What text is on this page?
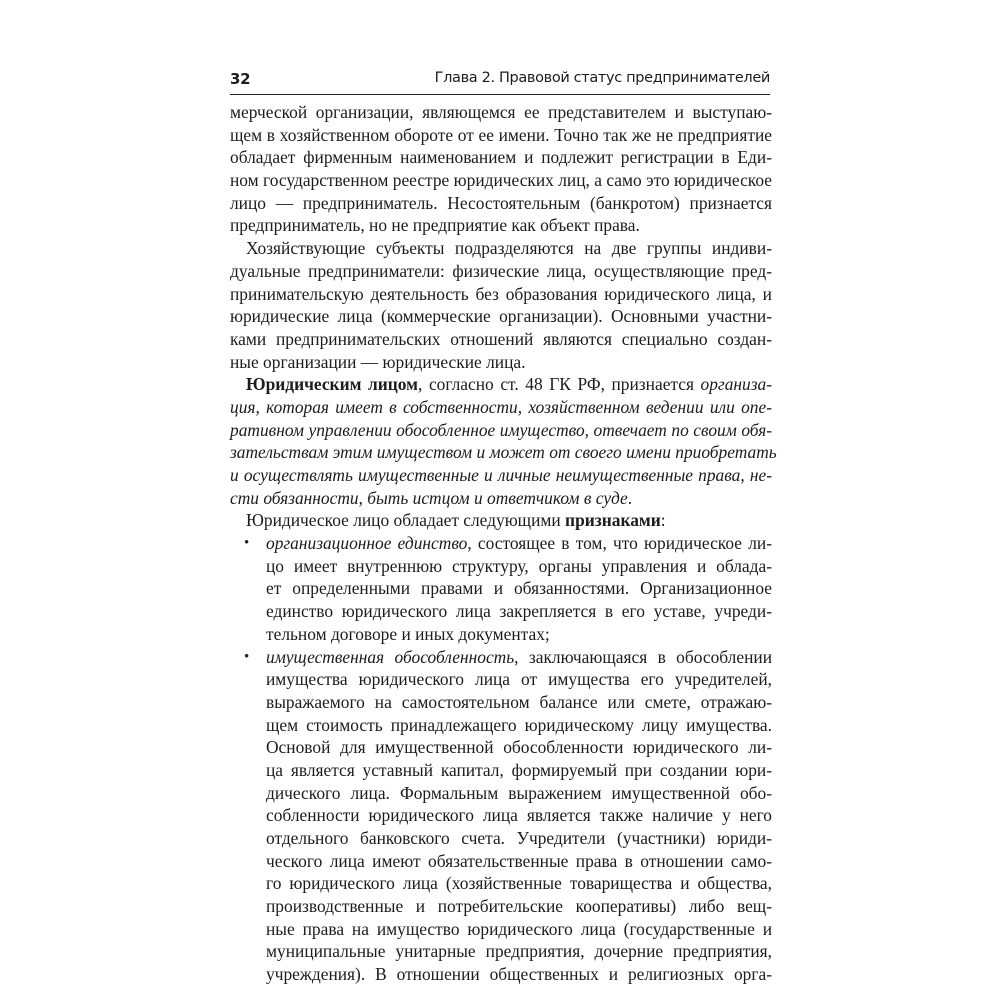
32	Глава 2. Правовой статус предпринимателей
мерческой организации, являющемся ее представителем и выступаю-
щем в хозяйственном обороте от ее имени. Точно так же не предприятие
обладает фирменным наименованием и подлежит регистрации в Еди-
ном государственном реестре юридических лиц, а само это юридическое
лицо — предприниматель. Несостоятельным (банкротом) признается
предприниматель, но не предприятие как объект права.
Хозяйствующие субъекты подразделяются на две группы индиви-
дуальные предприниматели: физические лица, осуществляющие пред-
принимательскую деятельность без образования юридического лица, и
юридические лица (коммерческие организации). Основными участни-
ками предпринимательских отношений являются специально создан-
ные организации — юридические лица.
Юридическим лицом, согласно ст. 48 ГК РФ, признается организа-
ция, которая имеет в собственности, хозяйственном ведении или опе-
ративном управлении обособленное имущество, отвечает по своим обя-
зательствам этим имуществом и может от своего имени приобретать
и осуществлять имущественные и личные неимущественные права, не-
сти обязанности, быть истцом и ответчиком в суде.
Юридическое лицо обладает следующими признаками:
• организационное единство, состоящее в том, что юридическое ли-
цо имеет внутреннюю структуру, органы управления и облада-
ет определенными правами и обязанностями. Организационное
единство юридического лица закрепляется в его уставе, учреди-
тельном договоре и иных документах;
• имущественная обособленность, заключающаяся в обособлении
имущества юридического лица от имущества его учредителей,
выражаемого на самостоятельном балансе или смете, отражаю-
щем стоимость принадлежащего юридическому лицу имущества.
Основой для имущественной обособленности юридического ли-
ца является уставный капитал, формируемый при создании юри-
дического лица. Формальным выражением имущественной обо-
собленности юридического лица является также наличие у него
отдельного банковского счета. Учредители (участники) юриди-
ческого лица имеют обязательственные права в отношении само-
го юридического лица (хозяйственные товарищества и общества,
производственные и потребительские кооперативы) либо вещ-
ные права на имущество юридического лица (государственные и
муниципальные унитарные предприятия, дочерние предприятия,
учреждения). В отношении общественных и религиозных орга-
